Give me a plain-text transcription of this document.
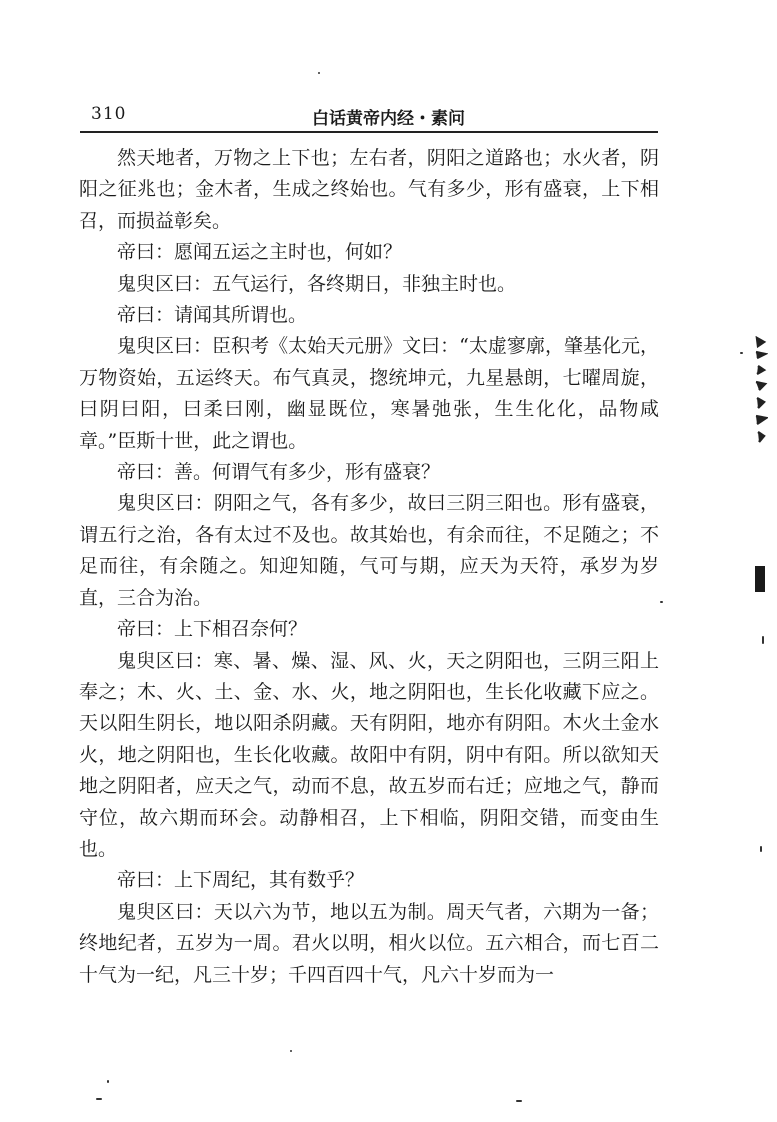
310	白话黄帝内经・素问

然天地者，万物之上下也；左右者，阴阳之道路也；水火者，阴阳之征兆也；金木者，生成之终始也。气有多少，形有盛衰，上下相召，而损益彰矣。

帝曰：愿闻五运之主时也，何如？

鬼臾区曰：五气运行，各终期日，非独主时也。

帝曰：请闻其所谓也。

鬼臾区曰：臣积考《太始天元册》文曰：“太虚寥廓，肇基化元，万物资始，五运终天。布气真灵，揔统坤元，九星悬朗，七曜周旋，曰阴曰阳，曰柔曰刚，幽显既位，寒暑弛张，生生化化，品物咸章。”臣斯十世，此之谓也。

帝曰：善。何谓气有多少，形有盛衰？

鬼臾区曰：阴阳之气，各有多少，故曰三阴三阳也。形有盛衰，谓五行之治，各有太过不及也。故其始也，有余而往，不足随之；不足而往，有余随之。知迎知随，气可与期，应天为天符，承岁为岁直，三合为治。

帝曰：上下相召奈何？

鬼臾区曰：寒、暑、燥、湿、风、火，天之阴阳也，三阴三阳上奉之；木、火、土、金、水、火，地之阴阳也，生长化收藏下应之。天以阳生阴长，地以阳杀阴藏。天有阴阳，地亦有阴阳。木火土金水火，地之阴阳也，生长化收藏。故阳中有阴，阴中有阳。所以欲知天地之阴阳者，应天之气，动而不息，故五岁而右迁；应地之气，静而守位，故六期而环会。动静相召，上下相临，阴阳交错，而变由生也。

帝曰：上下周纪，其有数乎？

鬼臾区曰：天以六为节，地以五为制。周天气者，六期为一备；终地纪者，五岁为一周。君火以明，相火以位。五六相合，而七百二十气为一纪，凡三十岁；千四百四十气，凡六十岁而为一
